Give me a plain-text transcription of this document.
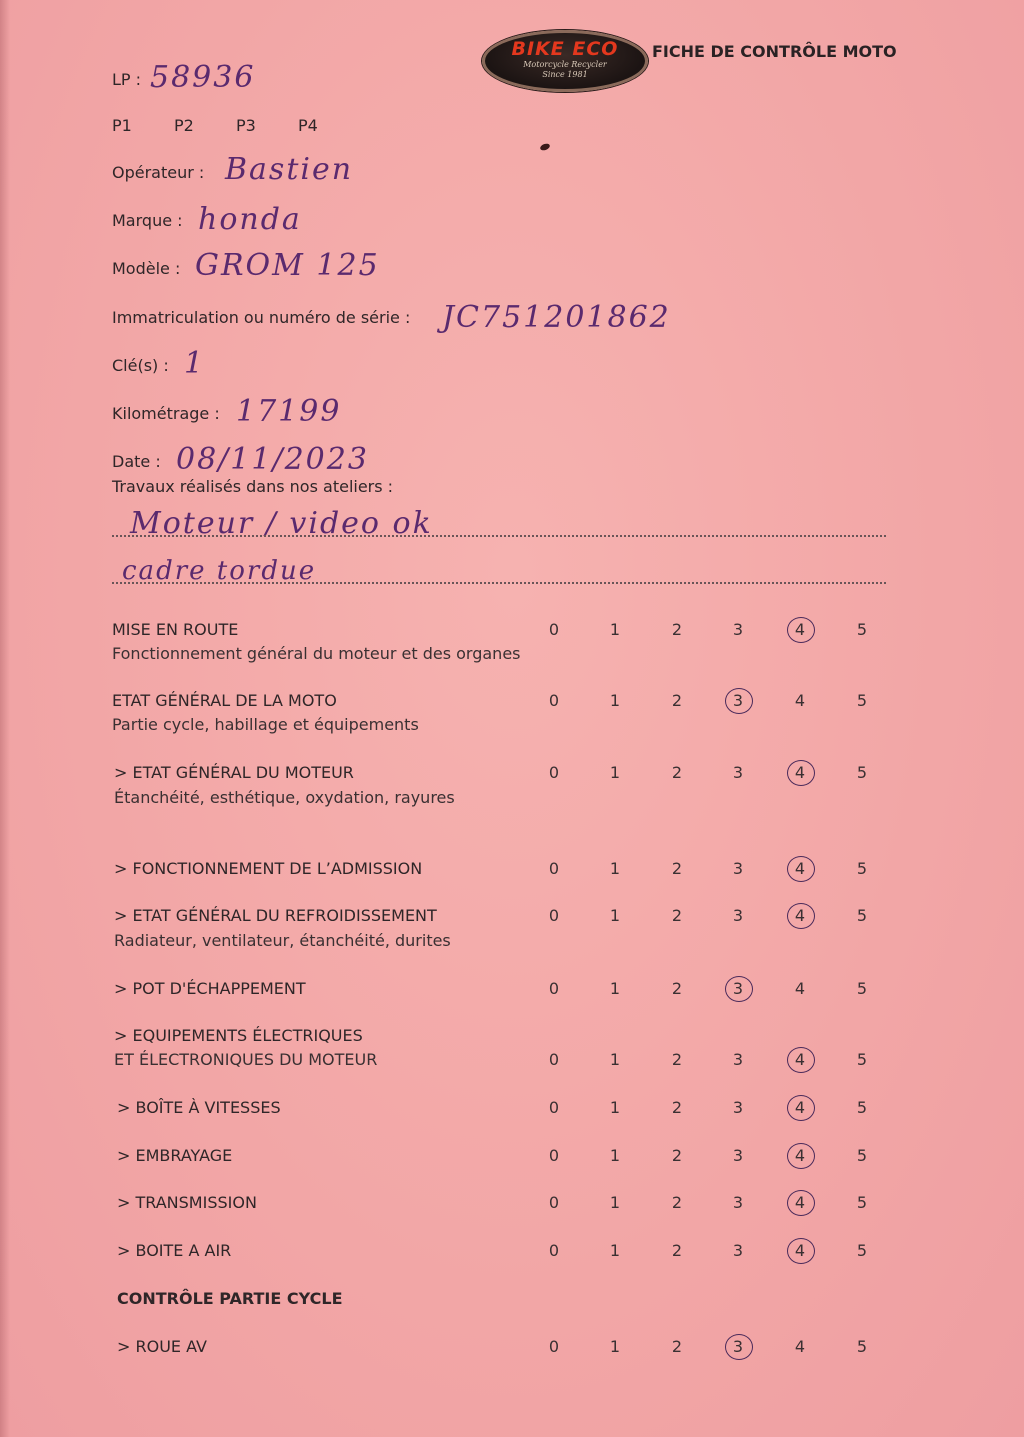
BIKE ECO
Motorcycle Recycler
Since 1981
FICHE DE CONTRÔLE MOTO
LP : 58936
P1	P2	P3	P4
Opérateur : Bastien
Marque : honda
Modèle : GROM 125
Immatriculation ou numéro de série : JC751201862
Clé(s) : 1
Kilométrage : 17199
Date : 08/11/2023
Travaux réalisés dans nos ateliers :
Moteur / video ok
cadre tordue
MISE EN ROUTE
Fonctionnement général du moteur et des organes
0	1	2	3	4	5
ETAT GÉNÉRAL DE LA MOTO
Partie cycle, habillage et équipements
0	1	2	3	4	5
> ETAT GÉNÉRAL DU MOTEUR
Étanchéité, esthétique, oxydation, rayures
0	1	2	3	4	5
> FONCTIONNEMENT DE L’ADMISSION	0	1	2	3	4	5
> ETAT GÉNÉRAL DU REFROIDISSEMENT
Radiateur, ventilateur, étanchéité, durites
0	1	2	3	4	5
> POT D'ÉCHAPPEMENT	0	1	2	3	4	5
> EQUIPEMENTS ÉLECTRIQUES
ET ÉLECTRONIQUES DU MOTEUR	0	1	2	3	4	5
> BOÎTE À VITESSES	0	1	2	3	4	5
> EMBRAYAGE	0	1	2	3	4	5
> TRANSMISSION	0	1	2	3	4	5
> BOITE A AIR	0	1	2	3	4	5
> ROUE AV	0	1	2	3	4	5
CONTRÔLE PARTIE CYCLE
